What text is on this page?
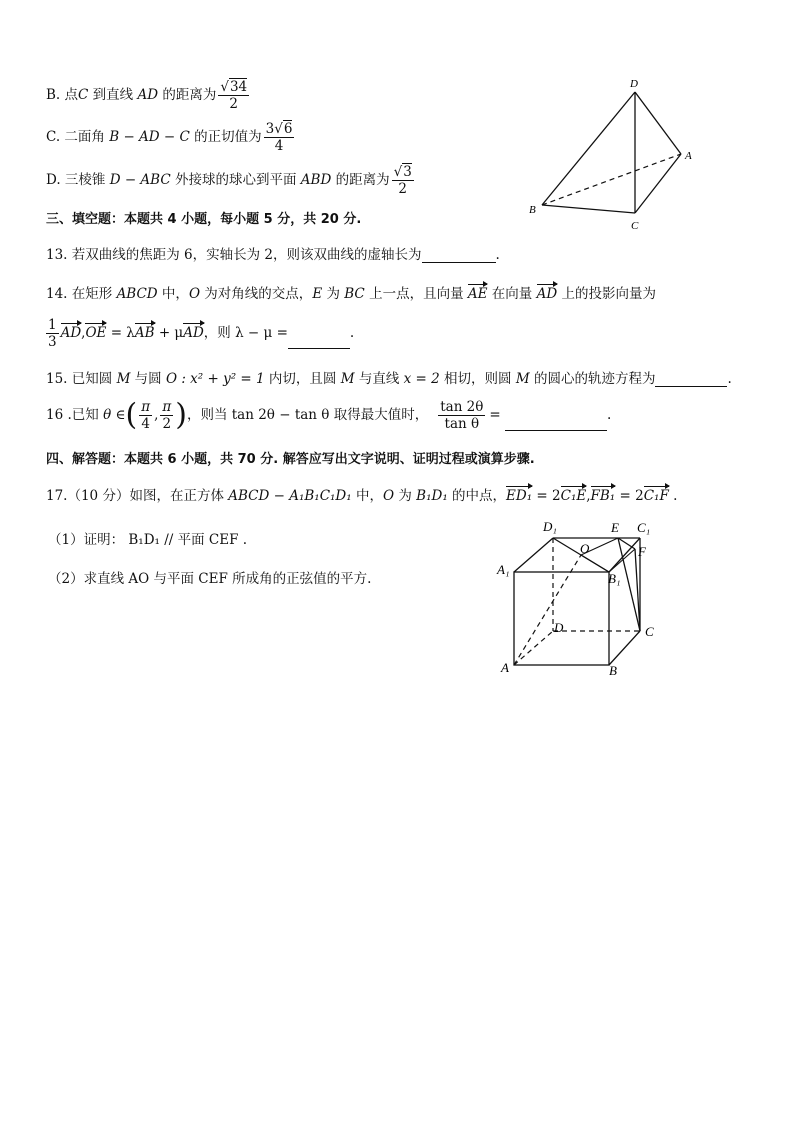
B. 点C 到直线 AD 的距离为 $\frac{√34}{2}$
C. 二面角 B − AD − C 的正切值为 $\frac{3√6}{4}$
D. 三棱锥 D − ABC 外接球的球心到平面 ABD 的距离为 $\frac{√3}{2}$
D
A
B
C
三、填空题：本题共 4 小题，每小题 5 分，共 20 分.
13. 若双曲线的焦距为 6，实轴长为 2，则该双曲线的虚轴长为	.
14. 在矩形 ABCD 中，O 为对角线的交点，E 为 BC 上一点，且向量 AE 在向量 AD 上的投影向量为
$\frac{1}{3} AD,OE = \lambda AB + \mu AD$，则 λ − μ =	.
15. 已知圆 M 与圆 O : x² + y² = 1 内切，且圆 M 与直线 x = 2 相切，则圆 M 的圆心的轨迹方程为	.
16 .已知 θ ∈( $\frac{\pi}{4}$ , $\frac{\pi}{2}$ )，则当 tan 2θ − tan θ 取得最大值时， $\frac{\tan 2\theta}{\text{tan θ}}$ =	.
四、解答题：本题共 6 小题，共 70 分. 解答应写出文字说明、证明过程或演算步骤.
17.（10 分）如图，在正方体 ABCD − A₁B₁C₁D₁ 中，O 为 B₁D₁ 的中点，ED₁ = 2C₁E,FB₁ = 2C₁F .
（1）证明： B₁D₁ // 平面 CEF .
（2）求直线 AO 与平面 CEF 所成角的正弦值的平方.
D₁	E C₁
O	F
A₁
B₁
D	C
A	B
